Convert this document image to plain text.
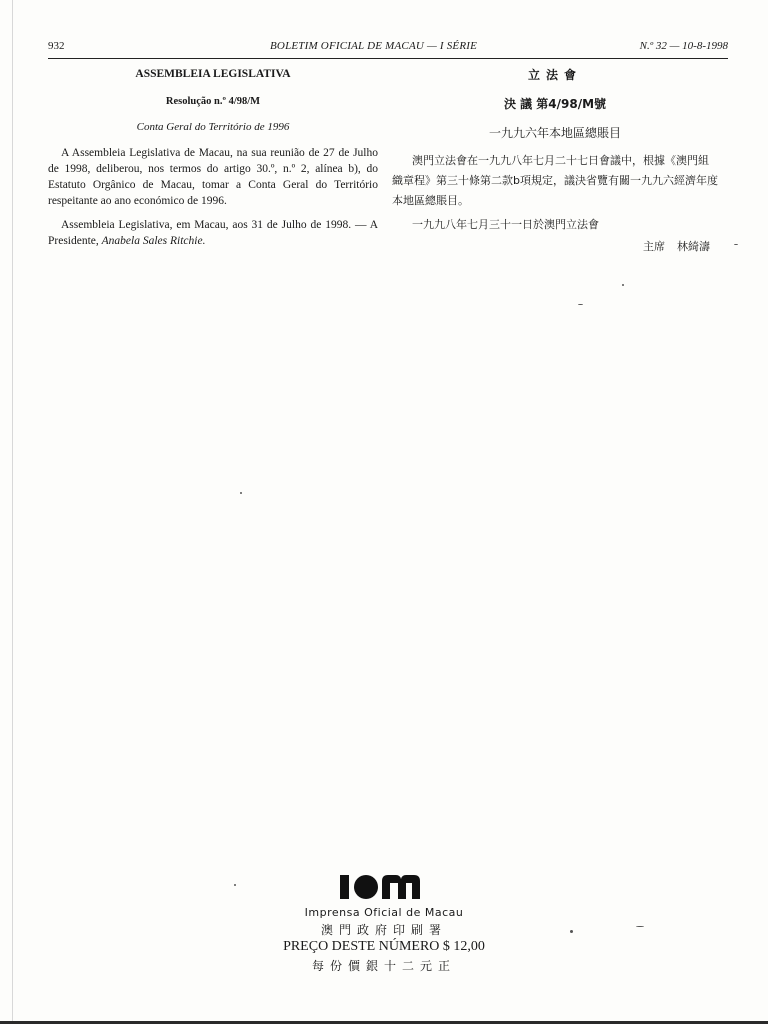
932	BOLETIM OFICIAL DE MACAU — I SÉRIE	N.º 32 — 10-8-1998
ASSEMBLEIA LEGISLATIVA
Resolução n.º 4/98/M
Conta Geral do Território de 1996

A Assembleia Legislativa de Macau, na sua reunião de 27 de Julho de 1998, deliberou, nos termos do artigo 30.º, n.º 2, alínea b), do Estatuto Orgânico de Macau, tomar a Conta Geral do Território respeitante ao ano económico de 1996.

Assembleia Legislativa, em Macau, aos 31 de Julho de 1998. — A Presidente, Anabela Sales Ritchie.

立法會
決 議 第4/98/M號
一九九六年本地區總賬目

澳門立法會在一九九八年七月二十七日會議中，根據《澳門組織章程》第三十條第二款b項規定，議決省覽有關一九九六經濟年度本地區總賬目。

一九九八年七月三十一日於澳門立法會

主席 林綺濤

Imprensa Oficial de Macau
澳門政府印刷署
PREÇO DESTE NÚMERO $ 12,00
每份價銀十二元正
